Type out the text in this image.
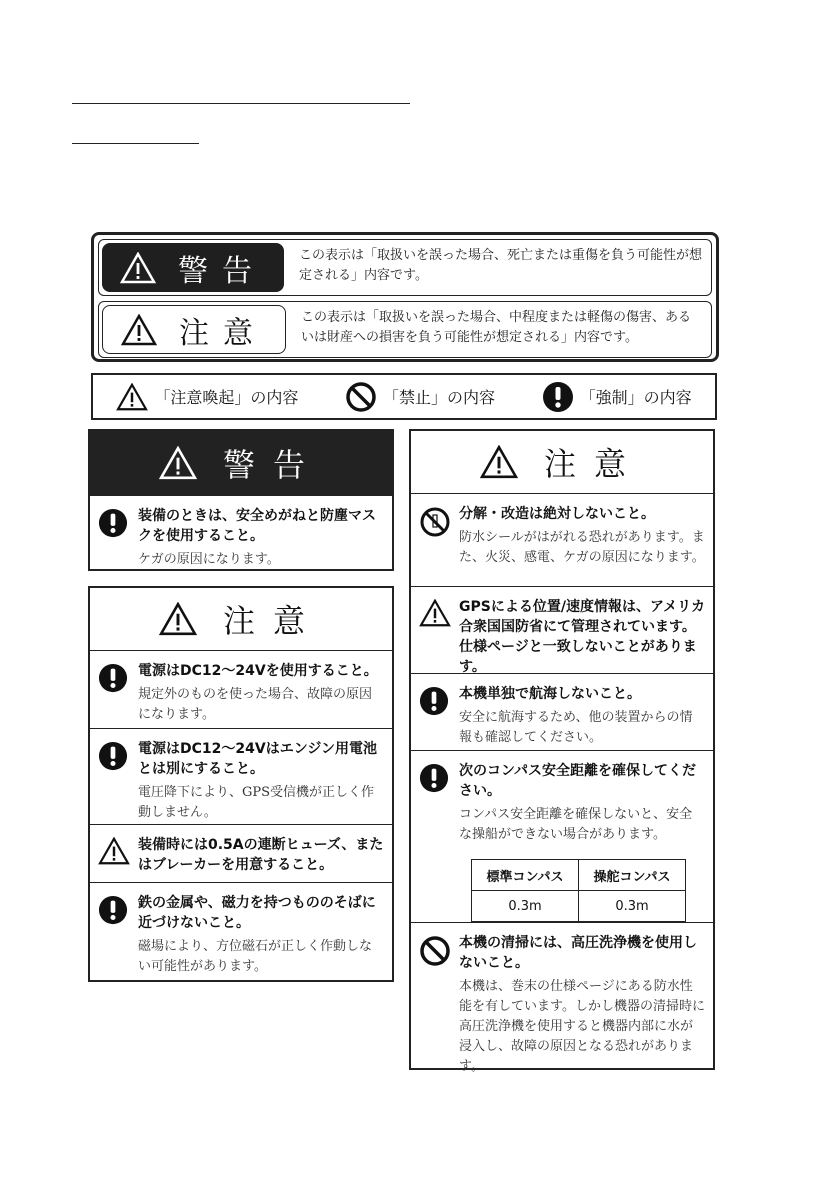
警告	この表示は「取扱いを誤った場合、死亡または重傷を負う可能性が想定される」内容です。
注意	この表示は「取扱いを誤った場合、中程度または軽傷の傷害、あるいは財産への損害を負う可能性が想定される」内容です。
「注意喚起」の内容	「禁止」の内容	「強制」の内容
警告
装備のときは、安全めがねと防塵マスクを使用すること。
ケガの原因になります。
注意
電源はDC12～24Vを使用すること。
規定外のものを使った場合、故障の原因になります。
電源はDC12～24Vはエンジン用電池とは別にすること。
電圧降下により、GPS受信機が正しく作動しません。
装備時には0.5Aの連断ヒューズ、またはブレーカーを用意すること。
鉄の金属や、磁力を持つもののそばに近づけないこと。
磁場により、方位磁石が正しく作動しない可能性があります。
注意
分解・改造は絶対しないこと。
防水シールがはがれる恐れがあります。また、火災、感電、ケガの原因になります。
GPSによる位置/速度情報は、アメリカ合衆国国防省にて管理されています。仕様ページと一致しないことがあります。
本機単独で航海しないこと。
安全に航海するため、他の装置からの情報も確認してください。
次のコンパス安全距離を確保してください。
コンパス安全距離を確保しないと、安全な操船ができない場合があります。
標準コンパス	操舵コンパス
0.3m	0.3m
本機の清掃には、高圧洗浄機を使用しないこと。
本機は、巻末の仕様ページにある防水性能を有しています。しかし機器の清掃時に高圧洗浄機を使用すると機器内部に水が浸入し、故障の原因となる恐れがあります。
